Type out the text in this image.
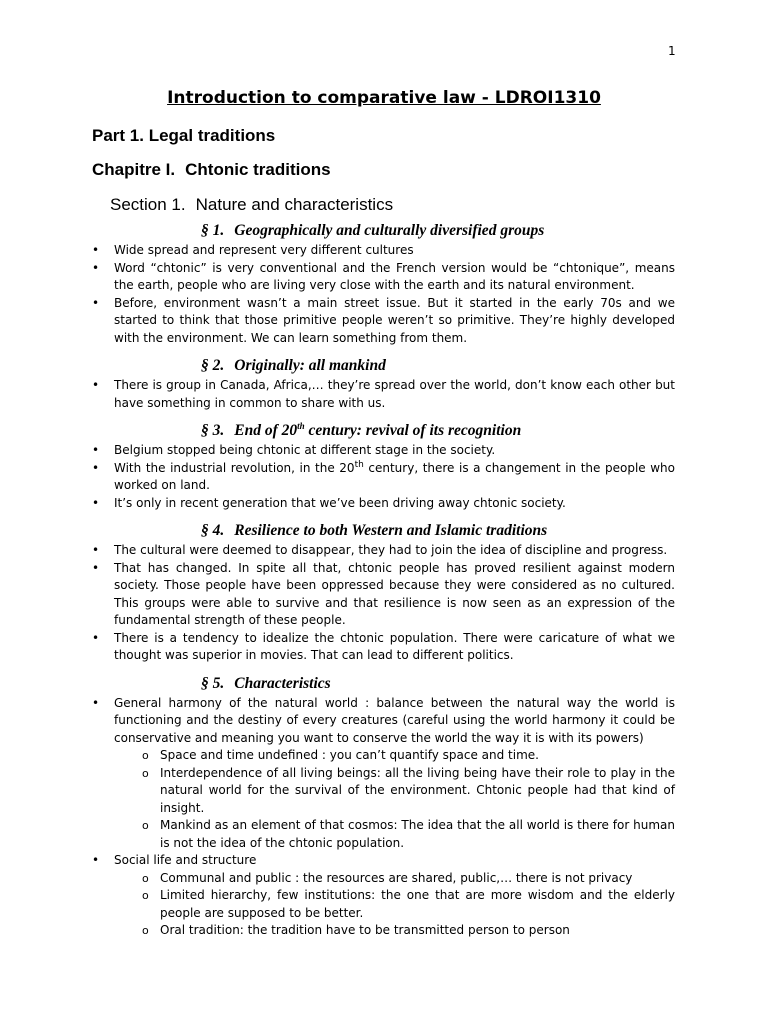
1
Introduction to comparative law - LDROI1310
Part 1. Legal traditions
Chapitre I. Chtonic traditions
Section 1. Nature and characteristics
§ 1. Geographically and culturally diversified groups
• Wide spread and represent very different cultures
• Word “chtonic” is very conventional and the French version would be “chtonique”, means the earth, people who are living very close with the earth and its natural environment.
• Before, environment wasn’t a main street issue. But it started in the early 70s and we started to think that those primitive people weren’t so primitive. They’re highly developed with the environment. We can learn something from them.
§ 2. Originally: all mankind
• There is group in Canada, Africa,… they’re spread over the world, don’t know each other but have something in common to share with us.
§ 3. End of 20th century: revival of its recognition
• Belgium stopped being chtonic at different stage in the society.
• With the industrial revolution, in the 20th century, there is a changement in the people who worked on land.
• It’s only in recent generation that we’ve been driving away chtonic society.
§ 4. Resilience to both Western and Islamic traditions
• The cultural were deemed to disappear, they had to join the idea of discipline and progress.
• That has changed. In spite all that, chtonic people has proved resilient against modern society. Those people have been oppressed because they were considered as no cultured. This groups were able to survive and that resilience is now seen as an expression of the fundamental strength of these people.
• There is a tendency to idealize the chtonic population. There were caricature of what we thought was superior in movies. That can lead to different politics.
§ 5. Characteristics
• General harmony of the natural world : balance between the natural way the world is functioning and the destiny of every creatures (careful using the world harmony it could be conservative and meaning you want to conserve the world the way it is with its powers)
o Space and time undefined : you can’t quantify space and time.
o Interdependence of all living beings: all the living being have their role to play in the natural world for the survival of the environment. Chtonic people had that kind of insight.
o Mankind as an element of that cosmos: The idea that the all world is there for human is not the idea of the chtonic population.
• Social life and structure
o Communal and public : the resources are shared, public,… there is not privacy
o Limited hierarchy, few institutions: the one that are more wisdom and the elderly people are supposed to be better.
o Oral tradition: the tradition have to be transmitted person to person
